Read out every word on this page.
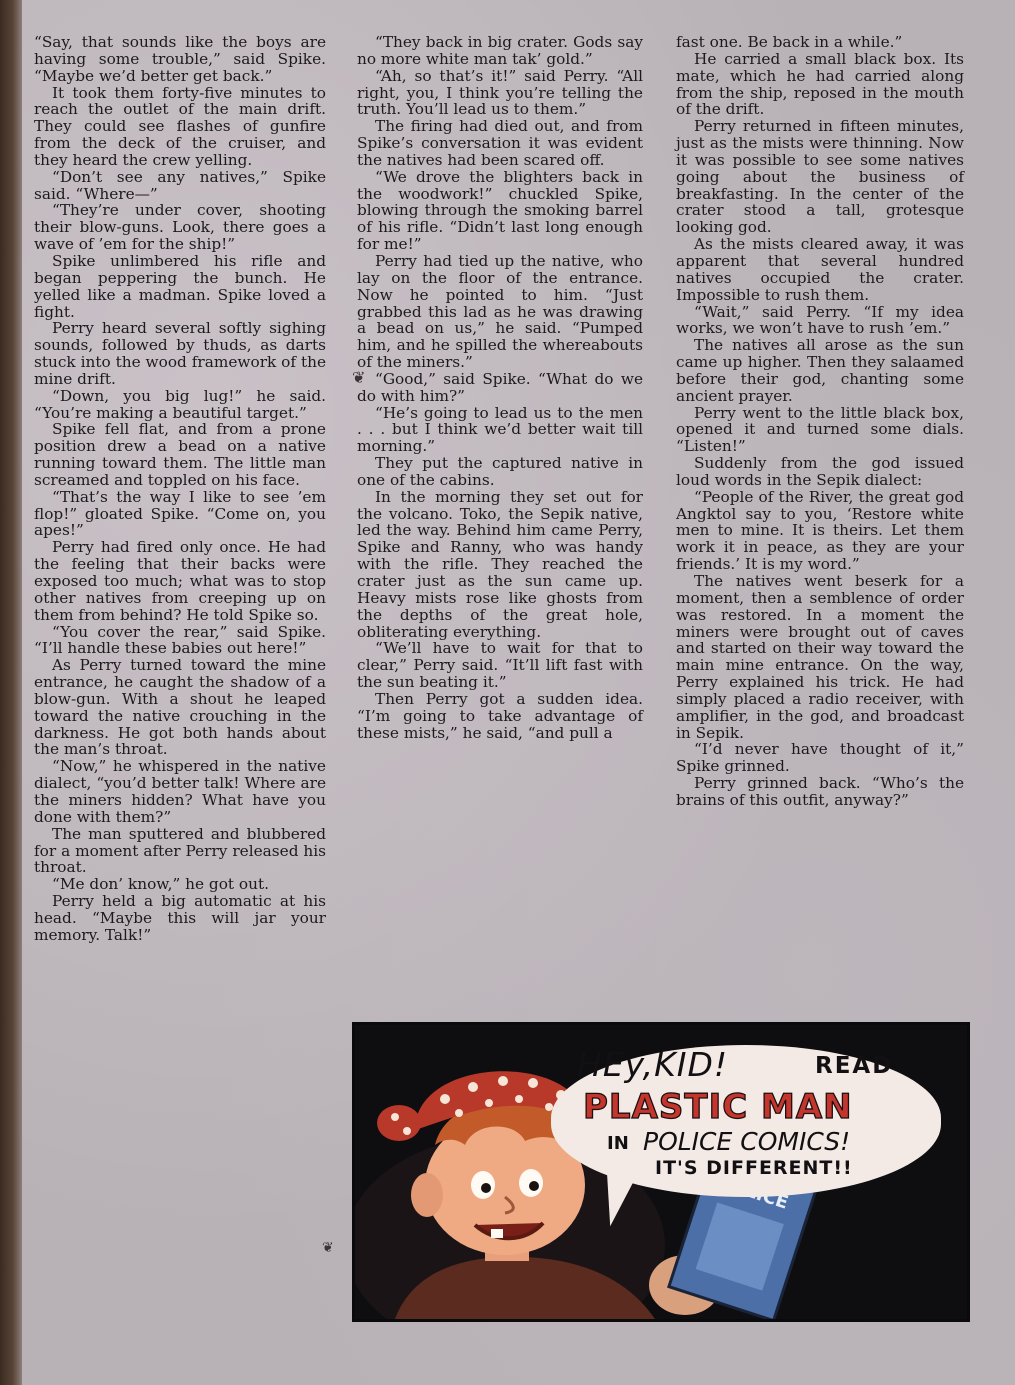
“Say, that sounds like the boys are having some trouble,” said Spike. “Maybe we’d better get back.”

It took them forty-five minutes to reach the outlet of the main drift. They could see flashes of gunfire from the deck of the cruiser, and they heard the crew yelling.

“Don’t see any natives,” Spike said. “Where—”

“They’re under cover, shooting their blow-guns. Look, there goes a wave of ’em for the ship!”

Spike unlimbered his rifle and began peppering the bunch. He yelled like a madman. Spike loved a fight.

Perry heard several softly sighing sounds, followed by thuds, as darts stuck into the wood framework of the mine drift.

“Down, you big lug!” he said. “You’re making a beautiful target.”

Spike fell flat, and from a prone position drew a bead on a native running toward them. The little man screamed and toppled on his face.

“That’s the way I like to see ’em flop!” gloated Spike. “Come on, you apes!”

Perry had fired only once. He had the feeling that their backs were exposed too much; what was to stop other natives from creeping up on them from behind? He told Spike so.

“You cover the rear,” said Spike. “I’ll handle these babies out here!”

As Perry turned toward the mine entrance, he caught the shadow of a blow-gun. With a shout he leaped toward the native crouching in the darkness. He got both hands about the man’s throat.

“Now,” he whispered in the native dialect, “you’d better talk! Where are the miners hidden? What have you done with them?”

The man sputtered and blubbered for a moment after Perry released his throat.

“Me don’ know,” he got out.

Perry held a big automatic at his head. “Maybe this will jar your memory. Talk!”

“They back in big crater. Gods say no more white man tak’ gold.”

“Ah, so that’s it!” said Perry. “All right, you, I think you’re telling the truth. You’ll lead us to them.”

The firing had died out, and from Spike’s conversation it was evident the natives had been scared off.

“We drove the blighters back in the woodwork!” chuckled Spike, blowing through the smoking barrel of his rifle. “Didn’t last long enough for me!”

Perry had tied up the native, who lay on the floor of the entrance. Now he pointed to him. “Just grabbed this lad as he was drawing a bead on us,” he said. “Pumped him, and he spilled the whereabouts of the miners.”

“Good,” said Spike. “What do we do with him?”

“He’s going to lead us to the men . . . but I think we’d better wait till morning.”

They put the captured native in one of the cabins.

In the morning they set out for the volcano. Toko, the Sepik native, led the way. Behind him came Perry, Spike and Ranny, who was handy with the rifle. They reached the crater just as the sun came up. Heavy mists rose like ghosts from the depths of the great hole, obliterating everything.

“We’ll have to wait for that to clear,” Perry said. “It’ll lift fast with the sun beating it.”

Then Perry got a sudden idea. “I’m going to take advantage of these mists,” he said, “and pull a

fast one. Be back in a while.”

He carried a small black box. Its mate, which he had carried along from the ship, reposed in the mouth of the drift.

Perry returned in fifteen minutes, just as the mists were thinning. Now it was possible to see some natives going about the business of breakfasting. In the center of the crater stood a tall, grotesque looking god.

As the mists cleared away, it was apparent that several hundred natives occupied the crater. Impossible to rush them.

“Wait,” said Perry. “If my idea works, we won’t have to rush ’em.”

The natives all arose as the sun came up higher. Then they salaamed before their god, chanting some ancient prayer.

Perry went to the little black box, opened it and turned some dials. “Listen!”

Suddenly from the god issued loud words in the Sepik dialect:

“People of the River, the great god Angktol say to you, ‘Restore white men to mine. It is theirs. Let them work it in peace, as they are your friends.’ It is my word.”

The natives went beserk for a moment, then a semblence of order was restored. In a moment the miners were brought out of caves and started on their way toward the main mine entrance. On the way, Perry explained his trick. He had simply placed a radio receiver, with amplifier, in the god, and broadcast in Sepik.

“I’d never have thought of it,” Spike grinned.

Perry grinned back. “Who’s the brains of this outfit, anyway?”

❦
❦
HEy,KID!	READ
PLASTIC MAN
IN POLICE COMICS!
IT'S DIFFERENT!!
